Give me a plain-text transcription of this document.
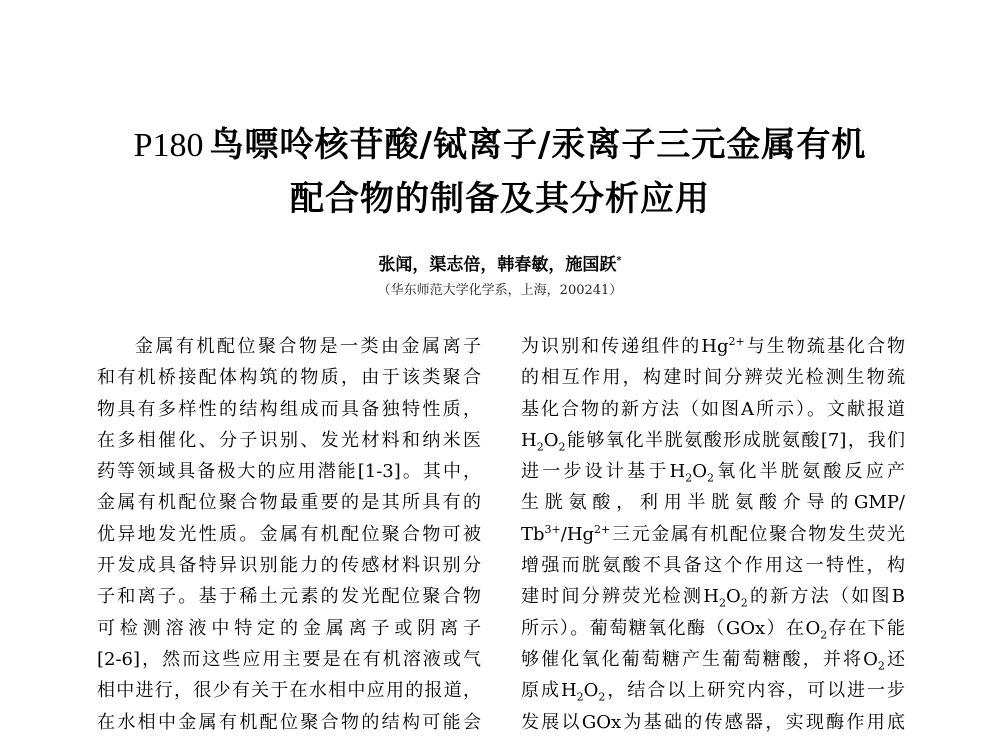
P180 鸟嘌呤核苷酸/铽离子/汞离子三元金属有机
配合物的制备及其分析应用
张闻，渠志倍，韩春敏，施国跃*
（华东师范大学化学系，上海，200241）
金属有机配位聚合物是一类由金属离子
和有机桥接配体构筑的物质，由于该类聚合
物具有多样性的结构组成而具备独特性质，
在多相催化、分子识别、发光材料和纳米医
药等领域具备极大的应用潜能[1-3]。其中，
金属有机配位聚合物最重要的是其所具有的
优异地发光性质。金属有机配位聚合物可被
开发成具备特异识别能力的传感材料识别分
子和离子。基于稀土元素的发光配位聚合物
可检测溶液中特定的金属离子或阴离子
[2-6]，然而这些应用主要是在有机溶液或气
相中进行，很少有关于在水相中应用的报道，
在水相中金属有机配位聚合物的结构可能会
为识别和传递组件的$Hg^{2+}$与生物巯基化合物
的相互作用，构建时间分辨荧光检测生物巯
基化合物的新方法（如图A所示）。文献报道
$H_2O_2$能够氧化半胱氨酸形成胱氨酸[7]，我们
进一步设计基于$H_2O_2$氧化半胱氨酸反应产
生胱氨酸，利用半胱氨酸介导的GMP/
$Tb^{3+}/Hg^{2+}$三元金属有机配位聚合物发生荧光
增强而胱氨酸不具备这个作用这一特性，构
建时间分辨荧光检测$H_2O_2$的新方法（如图B
所示）。葡萄糖氧化酶（GOx）在$O_2$存在下能
够催化氧化葡萄糖产生葡萄糖酸，并将$O_2$还
原成$H_2O_2$，结合以上研究内容，可以进一步
发展以GOx为基础的传感器，实现酶作用底
